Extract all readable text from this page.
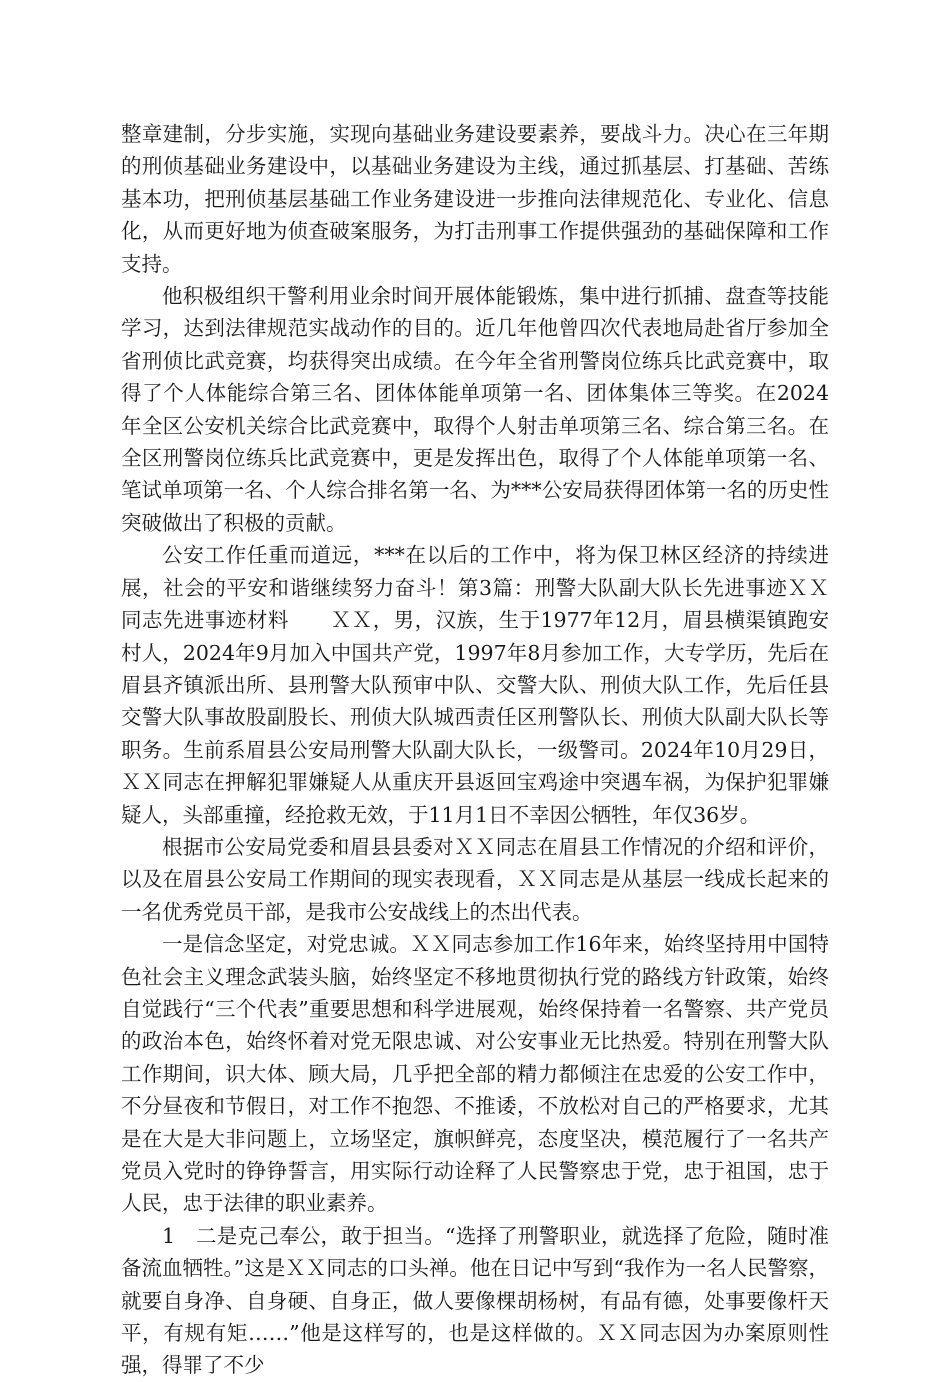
整章建制，分步实施，实现向基础业务建设要素养，要战斗力。决心在三年期的刑侦基础业务建设中，以基础业务建设为主线，通过抓基层、打基础、苦练基本功，把刑侦基层基础工作业务建设进一步推向法律规范化、专业化、信息化，从而更好地为侦查破案服务，为打击刑事工作提供强劲的基础保障和工作支持。

他积极组织干警利用业余时间开展体能锻炼，集中进行抓捕、盘查等技能学习，达到法律规范实战动作的目的。近几年他曾四次代表地局赴省厅参加全省刑侦比武竞赛，均获得突出成绩。在今年全省刑警岗位练兵比武竞赛中，取得了个人体能综合第三名、团体体能单项第一名、团体集体三等奖。在2024年全区公安机关综合比武竞赛中，取得个人射击单项第三名、综合第三名。在全区刑警岗位练兵比武竞赛中，更是发挥出色，取得了个人体能单项第一名、笔试单项第一名、个人综合排名第一名、为***公安局获得团体第一名的历史性突破做出了积极的贡献。

公安工作任重而道远，***在以后的工作中，将为保卫林区经济的持续进展，社会的平安和谐继续努力奋斗！第3篇：刑警大队副大队长先进事迹ＸＸ同志先进事迹材料　　ＸＸ，男，汉族，生于1977年12月，眉县横渠镇跑安村人，2024年9月加入中国共产党，1997年8月参加工作，大专学历，先后在眉县齐镇派出所、县刑警大队预审中队、交警大队、刑侦大队工作，先后任县交警大队事故股副股长、刑侦大队城西责任区刑警队长、刑侦大队副大队长等职务。生前系眉县公安局刑警大队副大队长，一级警司。2024年10月29日，ＸＸ同志在押解犯罪嫌疑人从重庆开县返回宝鸡途中突遇车祸，为保护犯罪嫌疑人，头部重撞，经抢救无效，于11月1日不幸因公牺牲，年仅36岁。

根据市公安局党委和眉县县委对ＸＸ同志在眉县工作情况的介绍和评价，以及在眉县公安局工作期间的现实表现看，ＸＸ同志是从基层一线成长起来的一名优秀党员干部，是我市公安战线上的杰出代表。

一是信念坚定，对党忠诚。ＸＸ同志参加工作16年来，始终坚持用中国特色社会主义理念武装头脑，始终坚定不移地贯彻执行党的路线方针政策，始终自觉践行“三个代表”重要思想和科学进展观，始终保持着一名警察、共产党员的政治本色，始终怀着对党无限忠诚、对公安事业无比热爱。特别在刑警大队工作期间，识大体、顾大局，几乎把全部的精力都倾注在忠爱的公安工作中，不分昼夜和节假日，对工作不抱怨、不推诿，不放松对自己的严格要求，尤其是在大是大非问题上，立场坚定，旗帜鲜亮，态度坚决，模范履行了一名共产党员入党时的铮铮誓言，用实际行动诠释了人民警察忠于党，忠于祖国，忠于人民，忠于法律的职业素养。

1　二是克己奉公，敢于担当。“选择了刑警职业，就选择了危险，随时准备流血牺牲。”这是ＸＸ同志的口头禅。他在日记中写到“我作为一名人民警察，就要自身净、自身硬、自身正，做人要像棵胡杨树，有品有德，处事要像杆天平，有规有矩……”他是这样写的，也是这样做的。ＸＸ同志因为办案原则性强，得罪了不少
